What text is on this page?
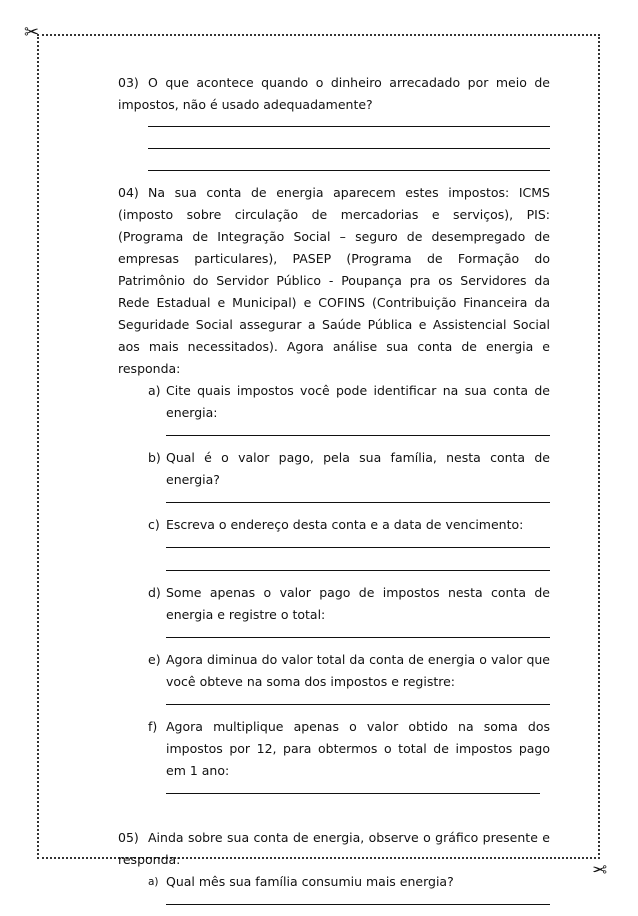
✂
✂
03) O que acontece quando o dinheiro arrecadado por meio de impostos, não é usado adequadamente?
04) Na sua conta de energia aparecem estes impostos: ICMS (imposto sobre circulação de mercadorias e serviços), PIS: (Programa de Integração Social – seguro de desempregado de empresas particulares), PASEP (Programa de Formação do Patrimônio do Servidor Público - Poupança pra os Servidores da Rede Estadual e Municipal) e COFINS (Contribuição Financeira da Seguridade Social assegurar a Saúde Pública e Assistencial Social aos mais necessitados). Agora análise sua conta de energia e responda:
a) Cite quais impostos você pode identificar na sua conta de energia:
b) Qual é o valor pago, pela sua família, nesta conta de energia?
c) Escreva o endereço desta conta e a data de vencimento:
d) Some apenas o valor pago de impostos nesta conta de energia e registre o total:
e) Agora diminua do valor total da conta de energia o valor que você obteve na soma dos impostos e registre:
f) Agora multiplique apenas o valor obtido na soma dos impostos por 12, para obtermos o total de impostos pago em 1 ano:
05) Ainda sobre sua conta de energia, observe o gráfico presente e responda:
a) Qual mês sua família consumiu mais energia?
